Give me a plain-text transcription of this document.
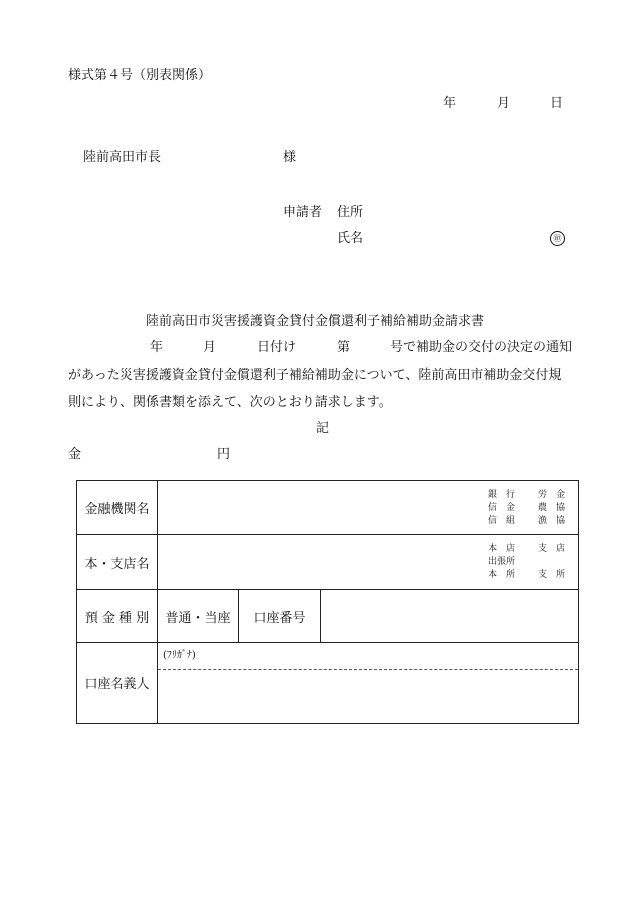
様式第４号（別表関係）
年	月	日
陸前高田市長	様
申請者 住所
氏名	㊞
陸前高田市災害援護資金貸付金償還利子補給補助金請求書
年	月	日付け	第	号で補助金の交付の決定の通知
があった災害援護資金貸付金償還利子補給補助金について、陸前高田市補助金交付規
則により、関係書類を添えて、次のとおり請求します。
記
金	円
金融機関名
銀　行	労　金
信　金	農　協
信　組	漁　協
本・支店名
本　店	支　店
出張所
本　所	支　所
預 金 種 別	普通・当座	口座番号
口座名義人
(ﾌﾘｶﾞﾅ)
